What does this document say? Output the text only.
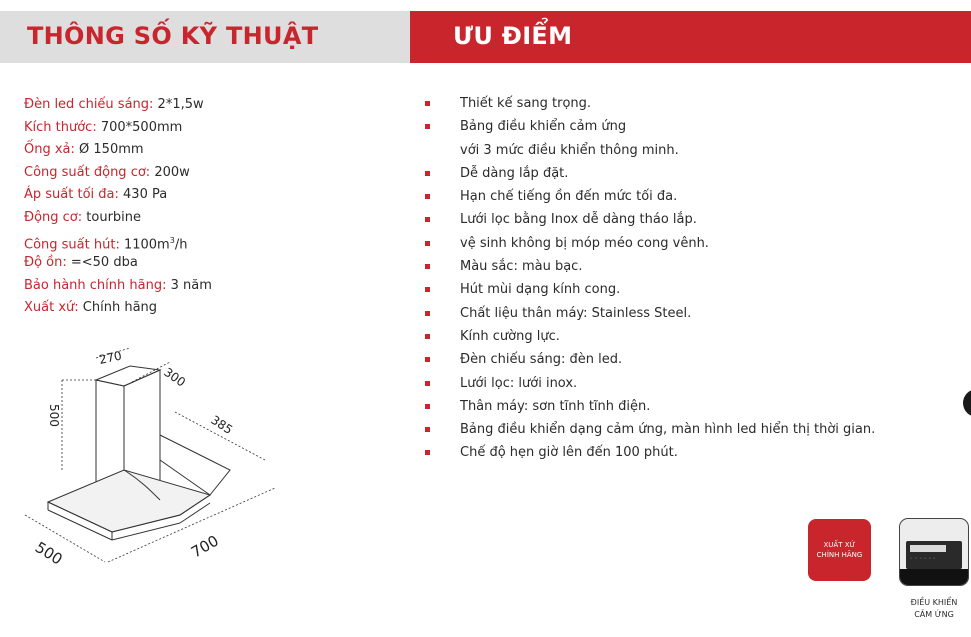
THÔNG SỐ KỸ THUẬT	ƯU ĐIỂM
Đèn led chiếu sáng: 2*1,5w
Kích thước: 700*500mm
Ống xả: Ø 150mm
Công suất động cơ: 200w
Áp suất tối đa: 430 Pa
Động cơ: tourbine
Công suất hút: $1100m^3/h$
Độ ồn: =<50 dba
Bảo hành chính hãng: 3 năm
Xuất xứ: Chính hãng
Thiết kế sang trọng.
Bảng điều khiển cảm ứng
với 3 mức điều khiển thông minh.
Dễ dàng lắp đặt.
Hạn chế tiếng ồn đến mức tối đa.
Lưới lọc bằng Inox dễ dàng tháo lắp.
vệ sinh không bị móp méo cong vênh.
Màu sắc: màu bạc.
Hút mùi dạng kính cong.
Chất liệu thân máy: Stainless Steel.
Kính cường lực.
Đèn chiếu sáng: đèn led.
Lưới lọc: lưới inox.
Thân máy: sơn tĩnh tĩnh điện.
Bảng điều khiển dạng cảm ứng, màn hình led hiển thị thời gian.
Chế độ hẹn giờ lên đến 100 phút.
270
300
500	385
500	700	XUẤT XỨ
CHÍNH HÃNG	◦ ◦ ◦ ◦ ◦ ◦
ĐIỀU KHIỂN
CẢM ỨNG
